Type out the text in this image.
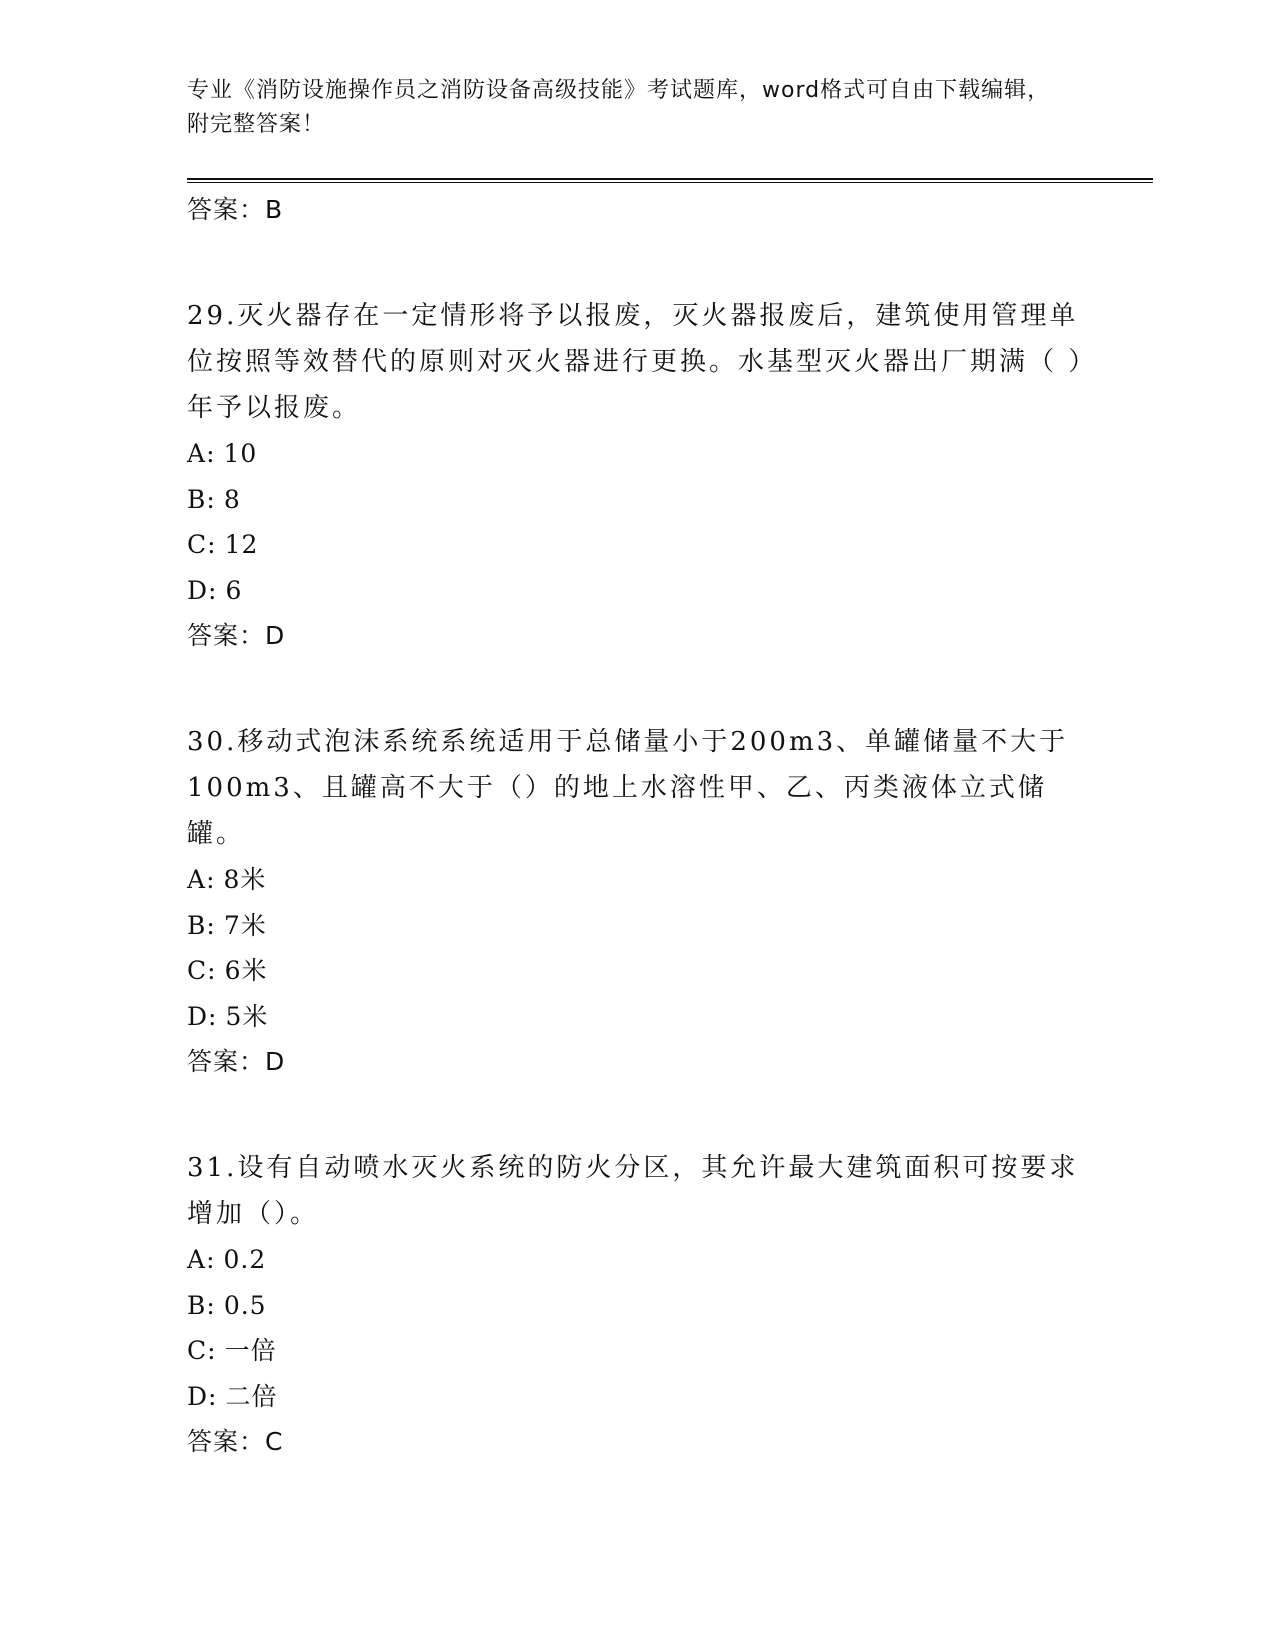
专业《消防设施操作员之消防设备高级技能》考试题库，word格式可自由下载编辑，附完整答案！
答案：B
29.灭火器存在一定情形将予以报废，灭火器报废后，建筑使用管理单位按照等效替代的原则对灭火器进行更换。水基型灭火器出厂期满（ ）年予以报废。
A: 10
B: 8
C: 12
D: 6
答案：D
30.移动式泡沫系统系统适用于总储量小于200m3、单罐储量不大于100m3、且罐高不大于（）的地上水溶性甲、乙、丙类液体立式储罐。
A: 8米
B: 7米
C: 6米
D: 5米
答案：D
31.设有自动喷水灭火系统的防火分区，其允许最大建筑面积可按要求增加（）。
A: 0.2
B: 0.5
C: 一倍
D: 二倍
答案：C
